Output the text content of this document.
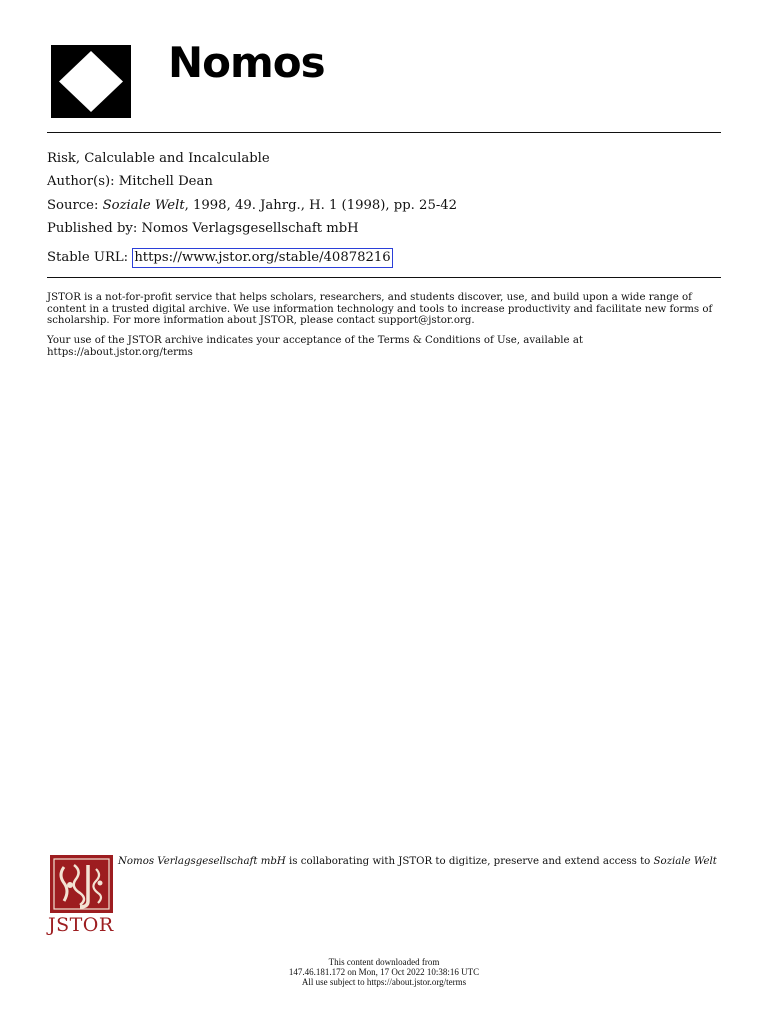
Nomos
Risk, Calculable and Incalculable
Author(s): Mitchell Dean
Source: Soziale Welt, 1998, 49. Jahrg., H. 1 (1998), pp. 25-42
Published by: Nomos Verlagsgesellschaft mbH
Stable URL: https://www.jstor.org/stable/40878216
JSTOR is a not-for-profit service that helps scholars, researchers, and students discover, use, and build upon a wide range of content in a trusted digital archive. We use information technology and tools to increase productivity and facilitate new forms of scholarship. For more information about JSTOR, please contact support@jstor.org.
Your use of the JSTOR archive indicates your acceptance of the Terms & Conditions of Use, available at
https://about.jstor.org/terms
JSTOR
Nomos Verlagsgesellschaft mbH is collaborating with JSTOR to digitize, preserve and extend access to Soziale Welt
This content downloaded from
147.46.181.172 on Mon, 17 Oct 2022 10:38:16 UTC
All use subject to https://about.jstor.org/terms
